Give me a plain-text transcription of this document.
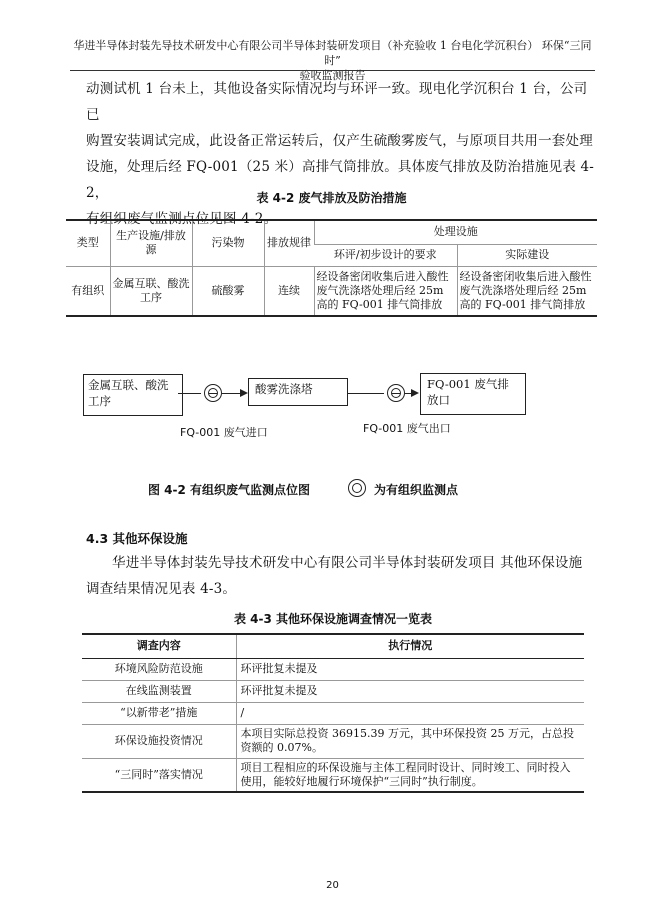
华进半导体封装先导技术研发中心有限公司半导体封装研发项目（补充验收 1 台电化学沉积台） 环保“三同时”
验收监测报告
动测试机 1 台未上，其他设备实际情况均与环评一致。现电化学沉积台 1 台，公司已
购置安装调试完成，此设备正常运转后，仅产生硫酸雾废气，与原项目共用一套处理
设施，处理后经 FQ-001（25 米）高排气筒排放。具体废气排放及防治措施见表 4-2，
有组织废气监测点位见图 4-2。
表 4-2 废气排放及防治措施
类型	生产设施/排放源	污染物	排放规律	处理设施	
				环评/初步设计的要求	实际建设
有组织	金属互联、酸洗工序	硫酸雾	连续	经设备密闭收集后进入酸性废气洗涤塔处理后经 25m 高的 FQ-001 排气筒排放	经设备密闭收集后进入酸性废气洗涤塔处理后经 25m 高的 FQ-001 排气筒排放
金属互联、酸洗工序
酸雾洗涤塔	FQ-001 废气排放口
FQ-001 废气进口	FQ-001 废气出口
图 4-2 有组织废气监测点位图	为有组织监测点
4.3 其他环保设施
华进半导体封装先导技术研发中心有限公司半导体封装研发项目 其他环保设施
调查结果情况见表 4-3。
表 4-3 其他环保设施调查情况一览表
调查内容	执行情况
环境风险防范设施	环评批复未提及
在线监测装置	环评批复未提及
“以新带老”措施	/
环保设施投资情况	本项目实际总投资 36915.39 万元，其中环保投资 25 万元，占总投资额的 0.07%。
“三同时”落实情况	项目工程相应的环保设施与主体工程同时设计、同时竣工、同时投入使用，能较好地履行环境保护“三同时”执行制度。
20
